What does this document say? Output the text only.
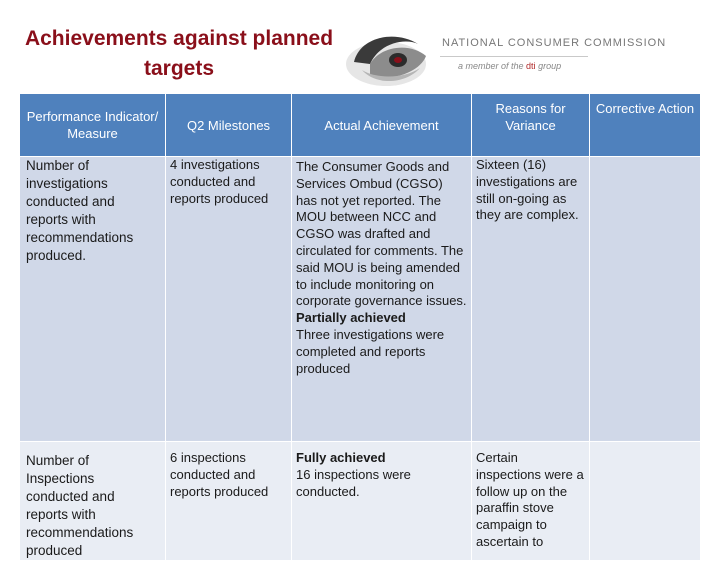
Achievements against planned
targets
NATIONAL CONSUMER COMMISSION
a member of the dti group
Performance Indicator/ Measure	Q2 Milestones	Actual Achievement	Reasons for Variance	Corrective Action

Number of investigations conducted and reports with recommendations produced.	4 investigations conducted and reports produced	The Consumer Goods and Services Ombud (CGSO) has not yet reported. The MOU between NCC and CGSO was drafted and circulated for comments. The said MOU is being amended to include monitoring on corporate governance issues.
Partially achieved
Three investigations were completed and reports produced	Sixteen (16) investigations are still on-going as they are complex.	

Number of Inspections conducted and reports with recommendations produced	6 inspections conducted and reports produced	Fully achieved
16 inspections were conducted.	Certain inspections were a follow up on the paraffin stove campaign to ascertain to	
